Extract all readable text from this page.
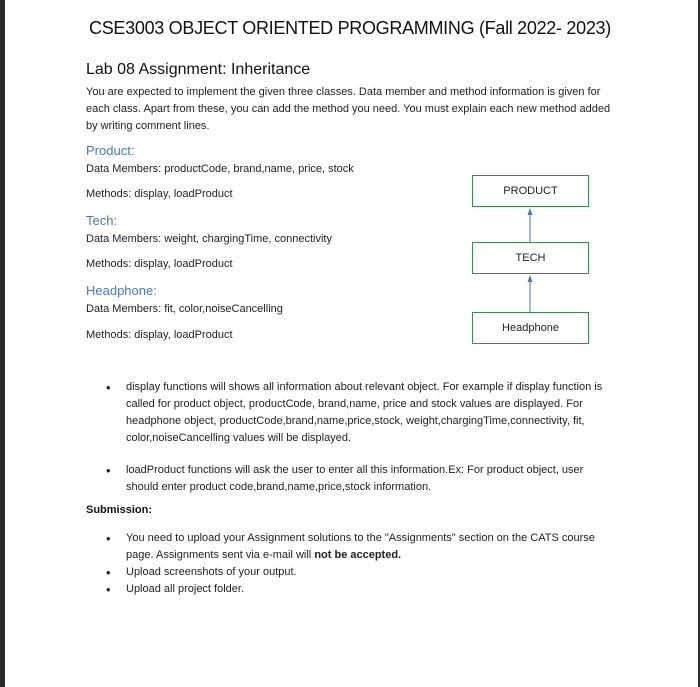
CSE3003 OBJECT ORIENTED PROGRAMMING (Fall 2022- 2023)
Lab 08 Assignment: Inheritance
You are expected to implement the given three classes. Data member and method information is given for each class. Apart from these, you can add the method you need. You must explain each new method added by writing comment lines.
Product:
Data Members: productCode, brand,name, price, stock
Methods: display, loadProduct
Tech:
Data Members: weight, chargingTime, connectivity
Methods: display, loadProduct
Headphone:
Data Members: fit, color,noiseCancelling
Methods: display, loadProduct
PRODUCT
TECH
Headphone
• display functions will shows all information about relevant object. For example if display function is called for product object, productCode, brand,name, price and stock values are displayed. For headphone object, productCode,brand,name,price,stock, weight,chargingTime,connectivity, fit, color,noiseCancelling values will be displayed.
• loadProduct functions will ask the user to enter all this information.Ex: For product object, user should enter product code,brand,name,price,stock information.
Submission:
• You need to upload your Assignment solutions to the "Assignments" section on the CATS course page. Assignments sent via e-mail will not be accepted.
• Upload screenshots of your output.
• Upload all project folder.
